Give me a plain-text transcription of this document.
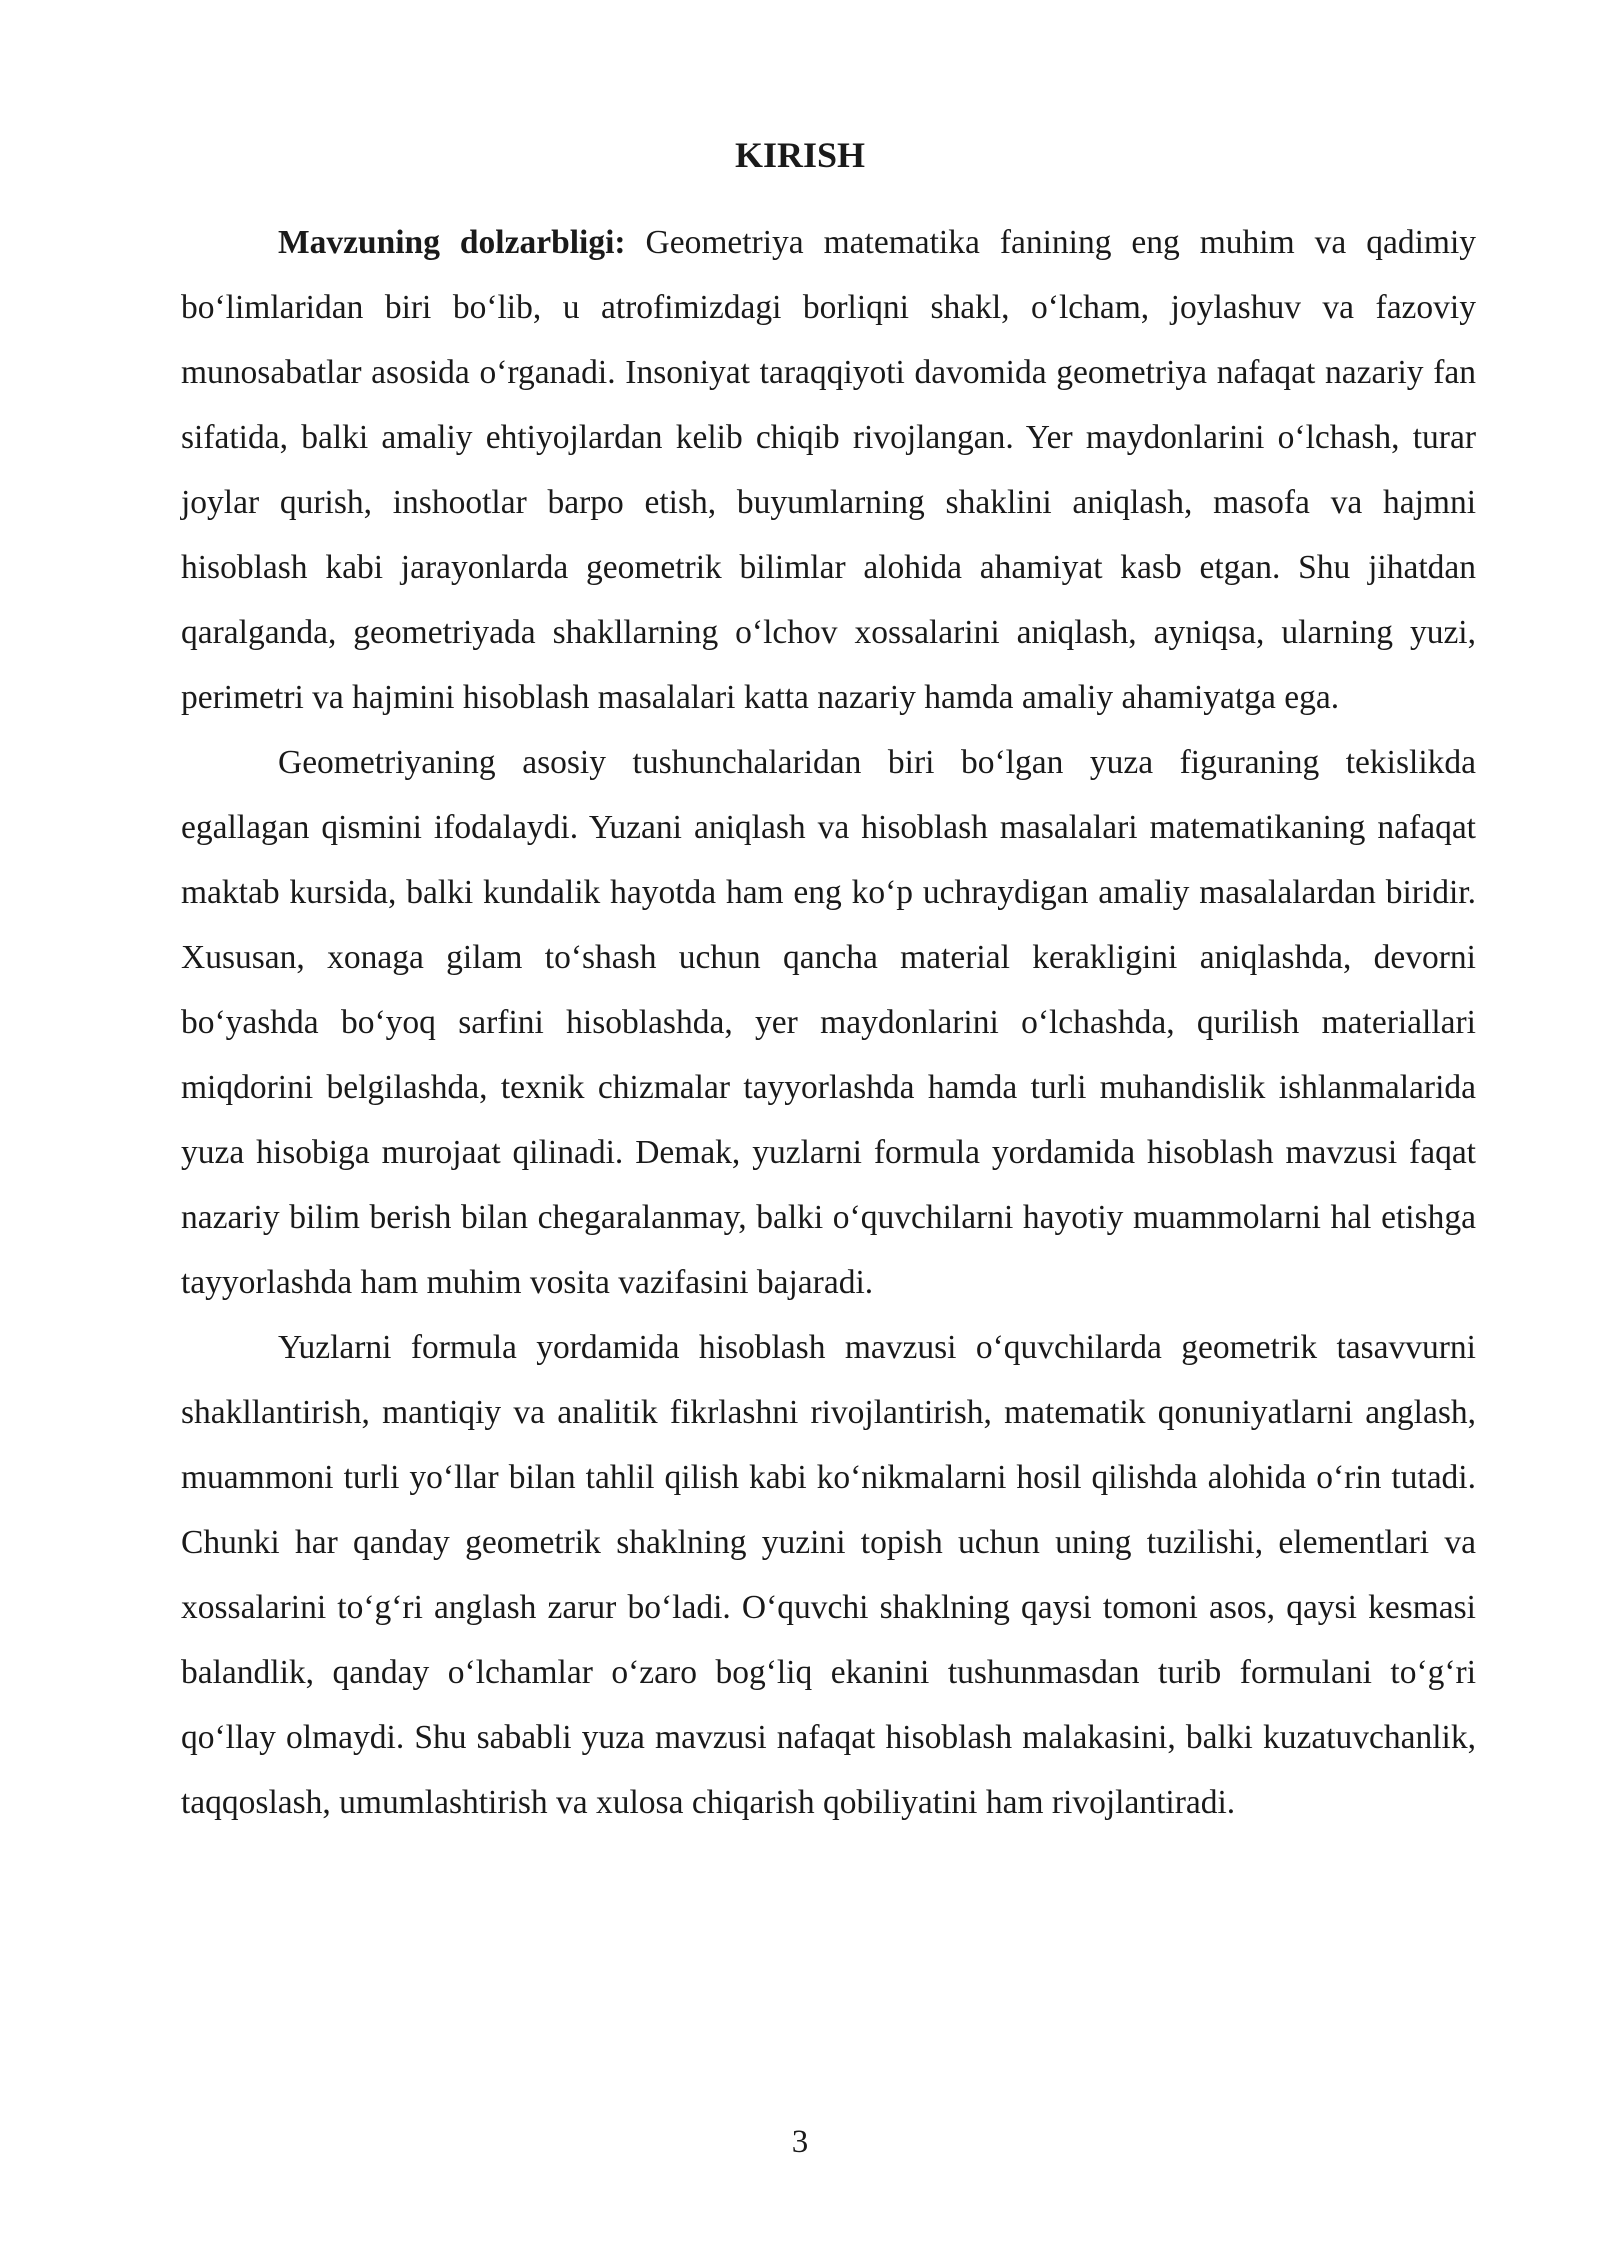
KIRISH

Mavzuning dolzarbligi: Geometriya matematika fanining eng muhim va qadimiy boʻlimlaridan biri boʻlib, u atrofimizdagi borliqni shakl, oʻlcham, joylashuv va fazoviy munosabatlar asosida oʻrganadi. Insoniyat taraqqiyoti davomida geometriya nafaqat nazariy fan sifatida, balki amaliy ehtiyojlardan kelib chiqib rivojlangan. Yer maydonlarini oʻlchash, turar joylar qurish, inshootlar barpo etish, buyumlarning shaklini aniqlash, masofa va hajmni hisoblash kabi jarayonlarda geometrik bilimlar alohida ahamiyat kasb etgan. Shu jihatdan qaralganda, geometriyada shakllarning oʻlchov xossalarini aniqlash, ayniqsa, ularning yuzi, perimetri va hajmini hisoblash masalalari katta nazariy hamda amaliy ahamiyatga ega.

Geometriyaning asosiy tushunchalaridan biri boʻlgan yuza figuraning tekislikda egallagan qismini ifodalaydi. Yuzani aniqlash va hisoblash masalalari matematikaning nafaqat maktab kursida, balki kundalik hayotda ham eng koʻp uchraydigan amaliy masalalardan biridir. Xususan, xonaga gilam toʻshash uchun qancha material kerakligini aniqlashda, devorni boʻyashda boʻyoq sarfini hisoblashda, yer maydonlarini oʻlchashda, qurilish materiallari miqdorini belgilashda, texnik chizmalar tayyorlashda hamda turli muhandislik ishlanmalarida yuza hisobiga murojaat qilinadi. Demak, yuzlarni formula yordamida hisoblash mavzusi faqat nazariy bilim berish bilan chegaralanmay, balki oʻquvchilarni hayotiy muammolarni hal etishga tayyorlashda ham muhim vosita vazifasini bajaradi.

Yuzlarni formula yordamida hisoblash mavzusi oʻquvchilarda geometrik tasavvurni shakllantirish, mantiqiy va analitik fikrlashni rivojlantirish, matematik qonuniyatlarni anglash, muammoni turli yoʻllar bilan tahlil qilish kabi koʻnikmalarni hosil qilishda alohida oʻrin tutadi. Chunki har qanday geometrik shaklning yuzini topish uchun uning tuzilishi, elementlari va xossalarini toʻgʻri anglash zarur boʻladi. Oʻquvchi shaklning qaysi tomoni asos, qaysi kesmasi balandlik, qanday oʻlchamlar oʻzaro bogʻliq ekanini tushunmasdan turib formulani toʻgʻri qoʻllay olmaydi. Shu sababli yuza mavzusi nafaqat hisoblash malakasini, balki kuzatuvchanlik, taqqoslash, umumlashtirish va xulosa chiqarish qobiliyatini ham rivojlantiradi.

3
